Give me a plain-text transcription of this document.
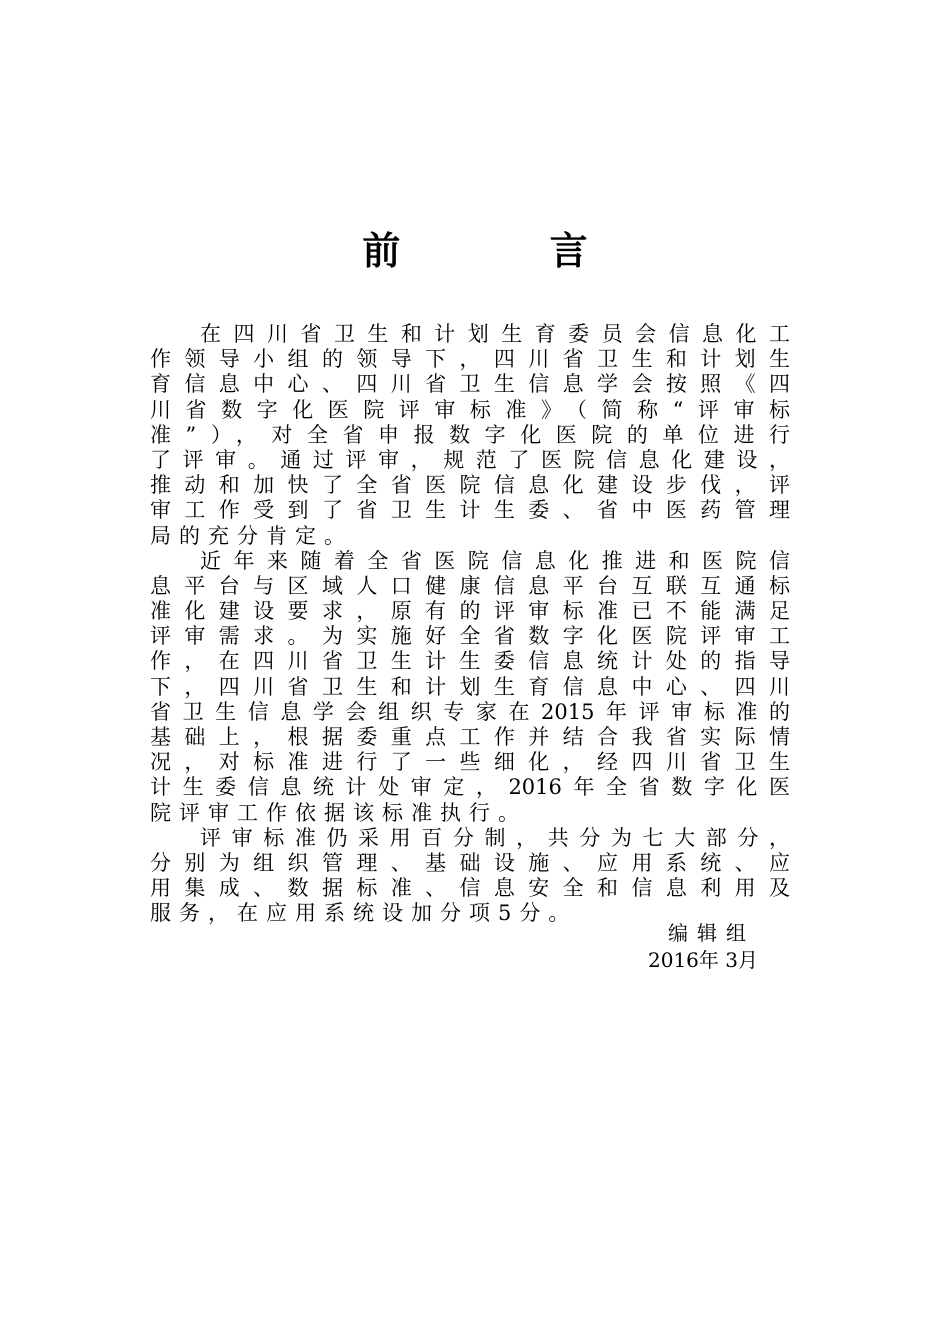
前 言
在四川省卫生和计划生育委员会信息化工
作领导小组的领导下，四川省卫生和计划生
育信息中心、四川省卫生信息学会按照《四
川省数字化医院评审标准》（简称“评审标
准”），对全省申报数字化医院的单位进行
了评审。通过评审，规范了医院信息化建设，
推动和加快了全省医院信息化建设步伐，评
审工作受到了省卫生计生委、省中医药管理
局的充分肯定。
近年来随着全省医院信息化推进和医院信
息平台与区域人口健康信息平台互联互通标
准化建设要求，原有的评审标准已不能满足
评审需求。为实施好全省数字化医院评审工
作，在四川省卫生计生委信息统计处的指导
下，四川省卫生和计划生育信息中心、四川
省卫生信息学会组织专家在2015年评审标准的
基础上，根据委重点工作并结合我省实际情
况，对标准进行了一些细化，经四川省卫生
计生委信息统计处审定，2016年全省数字化医
院评审工作依据该标准执行。
评审标准仍采用百分制，共分为七大部分，
分别为组织管理、基础设施、应用系统、应
用集成、数据标准、信息安全和信息利用及
服务，在应用系统设加分项5分。
编辑组
2016年 3月
